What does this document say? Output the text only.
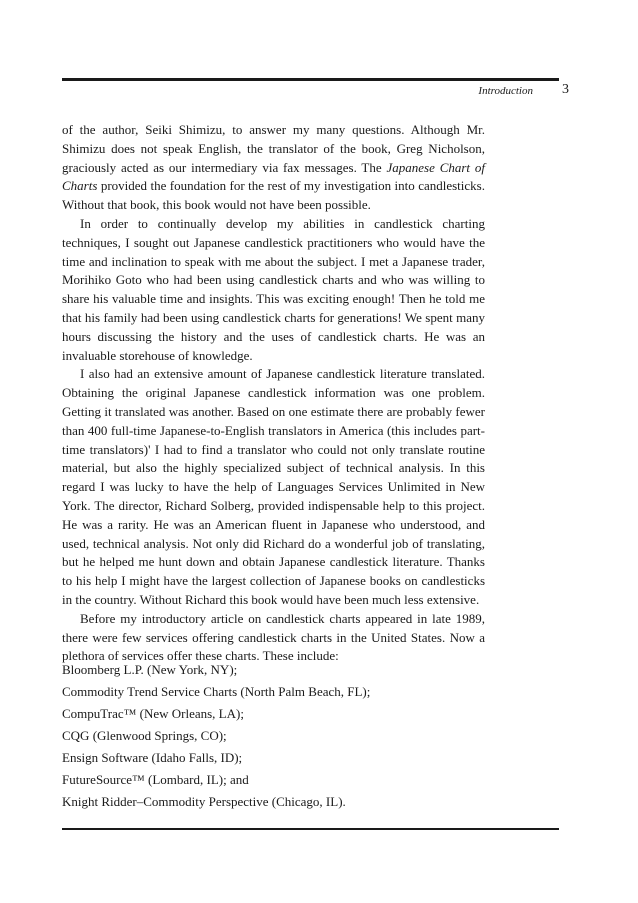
Introduction 3

of the author, Seiki Shimizu, to answer my many questions. Although Mr. Shimizu does not speak English, the translator of the book, Greg Nicholson, graciously acted as our intermediary via fax messages. The Japanese Chart of Charts provided the foundation for the rest of my investigation into candlesticks. Without that book, this book would not have been possible.

In order to continually develop my abilities in candlestick charting techniques, I sought out Japanese candlestick practitioners who would have the time and inclination to speak with me about the subject. I met a Japanese trader, Morihiko Goto who had been using candlestick charts and who was willing to share his valuable time and insights. This was exciting enough! Then he told me that his family had been using candlestick charts for generations! We spent many hours discussing the history and the uses of candlestick charts. He was an invaluable storehouse of knowledge.

I also had an extensive amount of Japanese candlestick literature translated. Obtaining the original Japanese candlestick information was one problem. Getting it translated was another. Based on one estimate there are probably fewer than 400 full-time Japanese-to-English translators in America (this includes part-time translators)' I had to find a translator who could not only translate routine material, but also the highly specialized subject of technical analysis. In this regard I was lucky to have the help of Languages Services Unlimited in New York. The director, Richard Solberg, provided indispensable help to this project. He was a rarity. He was an American fluent in Japanese who understood, and used, technical analysis. Not only did Richard do a wonderful job of translating, but he helped me hunt down and obtain Japanese candlestick literature. Thanks to his help I might have the largest collection of Japanese books on candlesticks in the country. Without Richard this book would have been much less extensive.

Before my introductory article on candlestick charts appeared in late 1989, there were few services offering candlestick charts in the United States. Now a plethora of services offer these charts. These include:

Bloomberg L.P. (New York, NY);
Commodity Trend Service Charts (North Palm Beach, FL);
CompuTrac™ (New Orleans, LA);
CQG (Glenwood Springs, CO);
Ensign Software (Idaho Falls, ID);
FutureSource™ (Lombard, IL); and
Knight Ridder–Commodity Perspective (Chicago, IL).
